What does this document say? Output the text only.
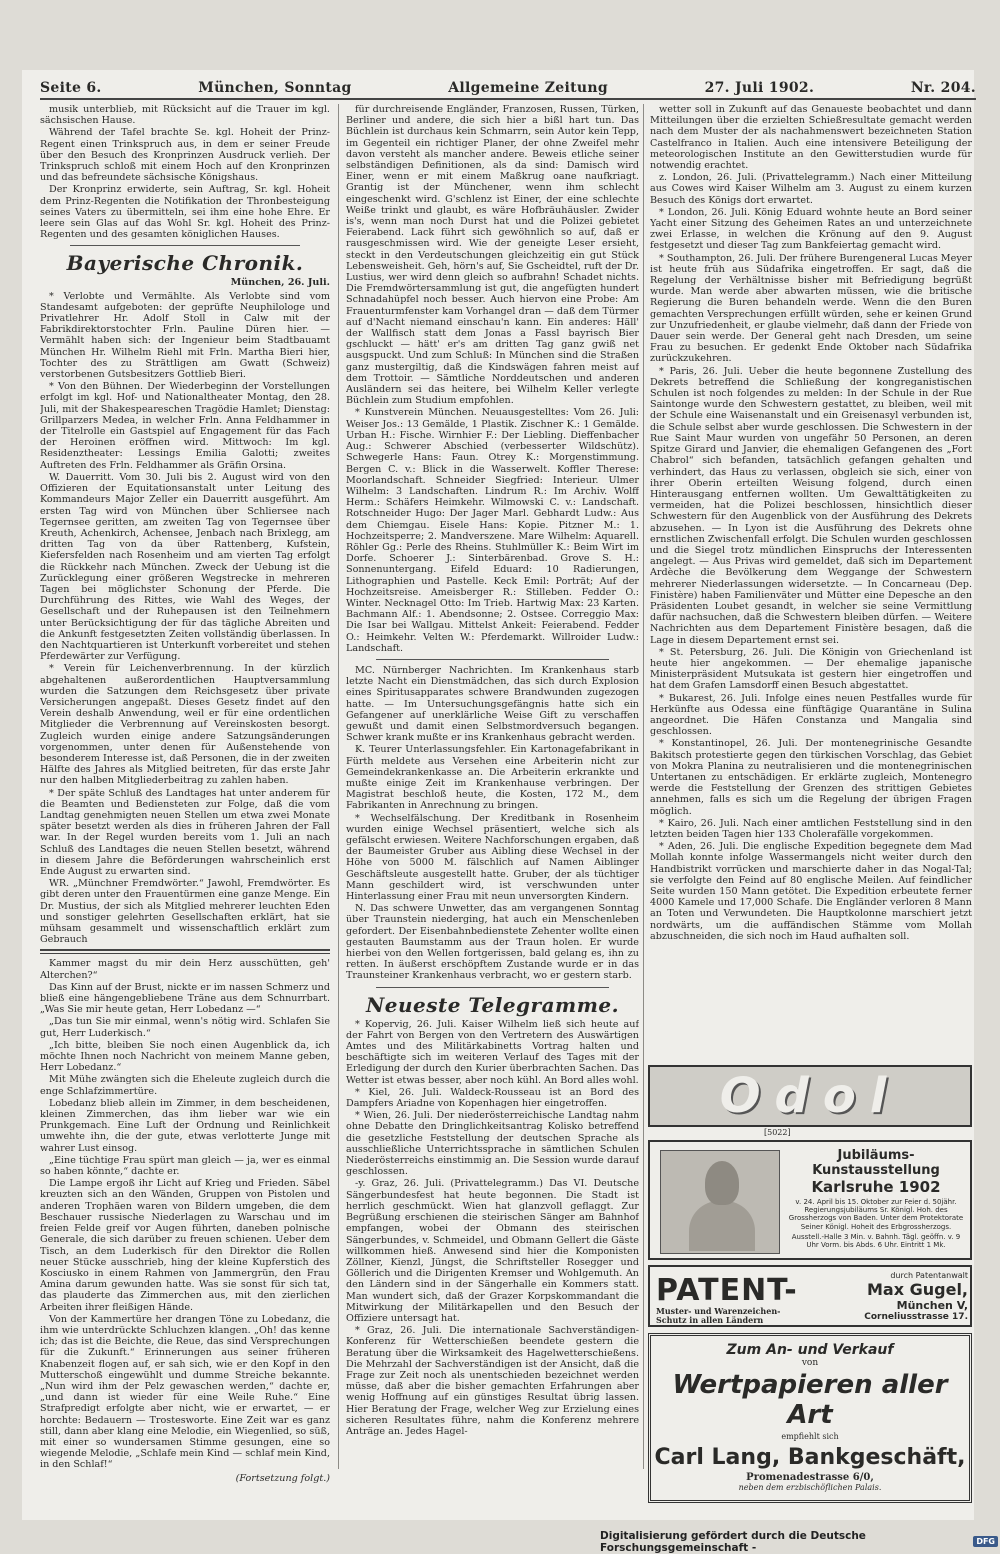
Seite 6.	München, Sonntag	Allgemeine Zeitung	27. Juli 1902.	Nr. 204.

musik unterblieb, mit Rücksicht auf die Trauer im kgl. sächsischen Hause.

Während der Tafel brachte Se. kgl. Hoheit der Prinz-Regent einen Trinkspruch aus, in dem er seiner Freude über den Besuch des Kronprinzen Ausdruck verlieh. Der Trinkspruch schloß mit einem Hoch auf den Kronprinzen und das befreundete sächsische Königshaus.

Der Kronprinz erwiderte, sein Auftrag, Sr. kgl. Hoheit dem Prinz-Regenten die Notifikation der Thronbesteigung seines Vaters zu übermitteln, sei ihm eine hohe Ehre. Er leere sein Glas auf das Wohl Sr. kgl. Hoheit des Prinz-Regenten und des gesamten königlichen Hauses.

Bayerische Chronik.
München, 26. Juli.

* Verlobte und Vermählte. Als Verlobte sind vom Standesamt aufgeboten: der geprüfte Neuphilologe und Privatlehrer Hr. Adolf Stoll in Calw mit der Fabrikdirektorstochter Frln. Pauline Düren hier. — Vermählt haben sich: der Ingenieur beim Stadtbauamt München Hr. Wilhelm Riehl mit Frln. Martha Bieri hier, Tochter des zu Strättligen am Gwatt (Schweiz) verstorbenen Gutsbesitzers Gottlieb Bieri.

* Von den Bühnen. Der Wiederbeginn der Vorstellungen erfolgt im kgl. Hof- und Nationaltheater Montag, den 28. Juli, mit der Shakespeareschen Tragödie Hamlet; Dienstag: Grillparzers Medea, in welcher Frln. Anna Feldhammer in der Titelrolle ein Gastspiel auf Engagement für das Fach der Heroinen eröffnen wird. Mittwoch: Im kgl. Residenztheater: Lessings Emilia Galotti; zweites Auftreten des Frln. Feldhammer als Gräfin Orsina.

W. Dauerritt. Vom 30. Juli bis 2. August wird von den Offizieren der Equitationsanstalt unter Leitung des Kommandeurs Major Zeller ein Dauerritt ausgeführt. Am ersten Tag wird von München über Schliersee nach Tegernsee geritten, am zweiten Tag von Tegernsee über Kreuth, Achenkirch, Achensee, Jenbach nach Brixlegg, am dritten Tag von da über Rattenberg, Kufstein, Kiefersfelden nach Rosenheim und am vierten Tag erfolgt die Rückkehr nach München. Zweck der Uebung ist die Zurücklegung einer größeren Wegstrecke in mehreren Tagen bei möglichster Schonung der Pferde. Die Durchführung des Rittes, wie Wahl des Weges, der Gesellschaft und der Ruhepausen ist den Teilnehmern unter Berücksichtigung der für das tägliche Abreiten und die Ankunft festgesetzten Zeiten vollständig überlassen. In den Nachtquartieren ist Unterkunft vorbereitet und stehen Pferdewärter zur Verfügung.

* Verein für Leichenverbrennung. In der kürzlich abgehaltenen außerordentlichen Hauptversammlung wurden die Satzungen dem Reichsgesetz über private Versicherungen angepaßt. Dieses Gesetz findet auf den Verein deshalb Anwendung, weil er für eine ordentlichen Mitglieder die Verbrennung auf Vereinskosten besorgt. Zugleich wurden einige andere Satzungsänderungen vorgenommen, unter denen für Außenstehende von besonderem Interesse ist, daß Personen, die in der zweiten Hälfte des Jahres als Mitglied beitreten, für das erste Jahr nur den halben Mitgliederbeitrag zu zahlen haben.

* Der späte Schluß des Landtages hat unter anderem für die Beamten und Bediensteten zur Folge, daß die vom Landtag genehmigten neuen Stellen um etwa zwei Monate später besetzt werden als dies in früheren Jahren der Fall war. In der Regel wurden bereits vom 1. Juli an nach Schluß des Landtages die neuen Stellen besetzt, während in diesem Jahre die Beförderungen wahrscheinlich erst Ende August zu erwarten sind.

WR. „Münchner Fremdwörter.“ Jawohl, Fremdwörter. Es gibt deren unter den Frauentürmen eine ganze Menge. Ein Dr. Mustius, der sich als Mitglied mehrerer leuchten Eden und sonstiger gelehrten Gesellschaften erklärt, hat sie mühsam gesammelt und wissenschaftlich erklärt zum Gebrauch

Kammer magst du mir dein Herz ausschütten, geh' Alterchen?“

Das Kinn auf der Brust, nickte er im nassen Schmerz und bließ eine hängengebliebene Träne aus dem Schnurrbart. „Was Sie mir heute getan, Herr Lobedanz —“

„Das tun Sie mir einmal, wenn's nötig wird. Schlafen Sie gut, Herr Luderkisch.“

„Ich bitte, bleiben Sie noch einen Augenblick da, ich möchte Ihnen noch Nachricht von meinem Manne geben, Herr Lobedanz.“

Mit Mühe zwängten sich die Eheleute zugleich durch die enge Schlafzimmertüre.

Lobedanz blieb allein im Zimmer, in dem bescheidenen, kleinen Zimmerchen, das ihm lieber war wie ein Prunkgemach. Eine Luft der Ordnung und Reinlichkeit umwehte ihn, die der gute, etwas verlotterte Junge mit wahrer Lust einsog.

„Eine tüchtige Frau spürt man gleich — ja, wer es einmal so haben könnte,“ dachte er.

Die Lampe ergoß ihr Licht auf Krieg und Frieden. Säbel kreuzten sich an den Wänden, Gruppen von Pistolen und anderen Trophäen waren von Bildern umgeben, die dem Beschauer russische Niederlagen zu Warschau und im freien Felde greif vor Augen führten, daneben polnische Generale, die sich darüber zu freuen schienen. Ueber dem Tisch, an dem Luderkisch für den Direktor die Rollen neuer Stücke ausschrieb, hing der kleine Kupferstich des Kosciusko in einem Rahmen von Jammergrün, den Frau Amina darum gewunden hatte. Was sie sonst für sich tat, das plauderte das Zimmerchen aus, mit den zierlichen Arbeiten ihrer fleißigen Hände.

Von der Kammertüre her drangen Töne zu Lobedanz, die ihm wie unterdrückte Schluchzen klangen. „Oh! das kenne ich; das ist die Beichte, die Reue, das sind Versprechungen für die Zukunft.“ Erinnerungen aus seiner früheren Knabenzeit flogen auf, er sah sich, wie er den Kopf in den Mutterschoß eingewühlt und dumme Streiche bekannte. „Nun wird ihm der Pelz gewaschen werden,“ dachte er, „und dann ist wieder für eine Weile Ruhe.“ Eine Strafpredigt erfolgte aber nicht, wie er erwartet, — er horchte: Bedauern — Trostesworte. Eine Zeit war es ganz still, dann aber klang eine Melodie, ein Wiegenlied, so süß, mit einer so wundersamen Stimme gesungen, eine so wiegende Melodie, „Schlafe mein Kind — schlaf mein Kind, in den Schlaf!“

(Fortsetzung folgt.)

für durchreisende Engländer, Franzosen, Russen, Türken, Berliner und andere, die sich hier a bißl hart tun. Das Büchlein ist durchaus kein Schmarrn, sein Autor kein Tepp, im Gegenteil ein richtiger Planer, der ohne Zweifel mehr davon versteht als mancher andere. Beweis etliche seiner selbständigen Definitionen, als da sind: Damisch wird Einer, wenn er mit einem Maßkrug oane naufkriagt. Grantig ist der Münchener, wenn ihm schlecht eingeschenkt wird. G'schlenz ist Einer, der eine schlechte Weiße trinkt und glaubt, es wäre Hofbräuhäusler. Zwider is's, wenn man noch Durst hat und die Polizei gebietet Feierabend. Lack führt sich gewöhnlich so auf, daß er rausgeschmissen wird. Wie der geneigte Leser ersieht, steckt in den Verdeutschungen gleichzeitig ein gut Stück Lebensweisheit. Geh, hörn's auf, Sie Gscheidtel, ruft der Dr. Lustius, wer wird denn gleich so aufbrahn! Schadet nichts. Die Fremdwörtersammlung ist gut, die angefügten hundert Schnadahüpfel noch besser. Auch hiervon eine Probe: Am Frauenturmfenster kam Vorhangel dran — daß dem Türmer auf d'Nacht niemand einschau'n kann. Ein anderes: Häll' der Wallfisch statt dem Jonas a Fassl bayrisch Bier gschluckt — hätt' er's am dritten Tag ganz gwiß net ausgspuckt. Und zum Schluß: In München sind die Straßen ganz mustergiltig, daß die Kindswägen fahren meist auf dem Trottoir. — Sämtliche Norddeutschen und anderen Ausländern sei das heitere, bei Wilhelm Keller verlegte Büchlein zum Studium empfohlen.

* Kunstverein München. Neuausgestelltes: Vom 26. Juli: Weiser Jos.: 13 Gemälde, 1 Plastik. Zischner K.: 1 Gemälde. Urban H.: Fische. Wirnhier F.: Der Liebling. Dieffenbacher Aug.: Schwerer Abschied (verbesserter Wildschütz). Schwegerle Hans: Faun. Otrey K.: Morgenstimmung. Bergen C. v.: Blick in die Wasserwelt. Koffler Therese: Moorlandschaft. Schneider Siegfried: Interieur. Ulmer Wilhelm: 3 Landschaften. Lindrum R.: Im Archiv. Wolff Herm.: Schäfers Heimkehr. Wilmowski C. v.: Landschaft. Rotschneider Hugo: Der Jager Marl. Gebhardt Ludw.: Aus dem Chiemgau. Eisele Hans: Kopie. Pitzner M.: 1. Hochzeitsperre; 2. Mandverszene. Mare Wilhelm: Aquarell. Röhler Gg.: Perle des Rheins. Stuhlmüller K.: Beim Wirt im Dorfe. Schoerer J.: Sinterbärenbad. Grove S. H.: Sonnenuntergang. Eifeld Eduard: 10 Radierungen, Lithographien und Pastelle. Keck Emil: Porträt; Auf der Hochzeitsreise. Ameisberger R.: Stilleben. Fedder O.: Winter. Necknagel Otto: Im Trieb. Hartwig Max: 23 Karten. Bachmann Alf.: 1. Abendsonne; 2. Ostsee. Correggio Max: Die Isar bei Wallgau. Mittelst Ankeit: Feierabend. Fedder O.: Heimkehr. Velten W.: Pferdemarkt. Willroider Ludw.: Landschaft.

MC. Nürnberger Nachrichten. Im Krankenhaus starb letzte Nacht ein Dienstmädchen, das sich durch Explosion eines Spiritusapparates schwere Brandwunden zugezogen hatte. — Im Untersuchungsgefängnis hatte sich ein Gefangener auf unerklärliche Weise Gift zu verschaffen gewußt und damit einen Selbstmordversuch begangen. Schwer krank mußte er ins Krankenhaus gebracht werden.

K. Teurer Unterlassungsfehler. Ein Kartonagefabrikant in Fürth meldete aus Versehen eine Arbeiterin nicht zur Gemeindekrankenkasse an. Die Arbeiterin erkrankte und mußte einige Zeit im Krankenhause verbringen. Der Magistrat beschloß heute, die Kosten, 172 M., dem Fabrikanten in Anrechnung zu bringen.

* Wechselfälschung. Der Kreditbank in Rosenheim wurden einige Wechsel präsentiert, welche sich als gefälscht erwiesen. Weitere Nachforschungen ergaben, daß der Baumeister Gruber aus Aibling diese Wechsel in der Höhe von 5000 M. fälschlich auf Namen Aiblinger Geschäftsleute ausgestellt hatte. Gruber, der als tüchtiger Mann geschildert wird, ist verschwunden unter Hinterlassung einer Frau mit neun unversorgten Kindern.

N. Das schwere Unwetter, das am vergangenen Sonntag über Traunstein niederging, hat auch ein Menschenleben gefordert. Der Eisenbahnbedienstete Zehenter wollte einen gestauten Baumstamm aus der Traun holen. Er wurde hierbei von den Wellen fortgerissen, bald gelang es, ihn zu retten. In äußerst erschöpftem Zustande wurde er in das Traunsteiner Krankenhaus verbracht, wo er gestern starb.

Neueste Telegramme.

* Kopervig, 26. Juli. Kaiser Wilhelm ließ sich heute auf der Fahrt von Bergen von den Vertretern des Auswärtigen Amtes und des Militärkabinetts Vortrag halten und beschäftigte sich im weiteren Verlauf des Tages mit der Erledigung der durch den Kurier überbrachten Sachen. Das Wetter ist etwas besser, aber noch kühl. An Bord alles wohl.

* Kiel, 26. Juli. Waldeck-Rousseau ist an Bord des Dampfers Ariadne von Kopenhagen hier eingetroffen.

* Wien, 26. Juli. Der niederösterreichische Landtag nahm ohne Debatte den Dringlichkeitsantrag Kolisko betreffend die gesetzliche Feststellung der deutschen Sprache als ausschließliche Unterrichtssprache in sämtlichen Schulen Niederösterreichs einstimmig an. Die Session wurde darauf geschlossen.

-y. Graz, 26. Juli. (Privattelegramm.) Das VI. Deutsche Sängerbundesfest hat heute begonnen. Die Stadt ist herrlich geschmückt. Wien hat glanzvoll geflaggt. Zur Begrüßung erschienen die steirischen Sänger am Bahnhof empfangen, wobei der Obmann des steirischen Sängerbundes, v. Schmeidel, und Obmann Gellert die Gäste willkommen hieß. Anwesend sind hier die Komponisten Zöllner, Kienzl, Jüngst, die Schriftsteller Rosegger und Göllerich und die Dirigenten Kremser und Wohlgemuth. An den Ländern sind in der Sängerhalle ein Kommers statt. Man wundert sich, daß der Grazer Korpskommandant die Mitwirkung der Militärkapellen und den Besuch der Offiziere untersagt hat.

* Graz, 26. Juli. Die internationale Sachverständigen-Konferenz für Wetterschießen beendete gestern die Beratung über die Wirksamkeit des Hagelwetterschießens. Die Mehrzahl der Sachverständigen ist der Ansicht, daß die Frage zur Zeit noch als unentschieden bezeichnet werden müsse, daß aber die bisher gemachten Erfahrungen aber wenig Hoffnung auf ein günstiges Resultat übrig lassen. Hier Beratung der Frage, welcher Weg zur Erzielung eines sicheren Resultates führe, nahm die Konferenz mehrere Anträge an. Jedes Hagel-

wetter soll in Zukunft auf das Genaueste beobachtet und dann Mitteilungen über die erzielten Schießresultate gemacht werden nach dem Muster der als nachahmenswert bezeichneten Station Castelfranco in Italien. Auch eine intensivere Beteiligung der meteorologischen Institute an den Gewitterstudien wurde für notwendig erachtet.

z. London, 26. Juli. (Privattelegramm.) Nach einer Mitteilung aus Cowes wird Kaiser Wilhelm am 3. August zu einem kurzen Besuch des Königs dort erwartet.

* London, 26. Juli. König Eduard wohnte heute an Bord seiner Yacht einer Sitzung des Geheimen Rates an und unterzeichnete zwei Erlasse, in welchen die Krönung auf den 9. August festgesetzt und dieser Tag zum Bankfeiertag gemacht wird.

* Southampton, 26. Juli. Der frühere Burengeneral Lucas Meyer ist heute früh aus Südafrika eingetroffen. Er sagt, daß die Regelung der Verhältnisse bisher mit Befriedigung begrüßt wurde. Man werde aber abwarten müssen, wie die britische Regierung die Buren behandeln werde. Wenn die den Buren gemachten Versprechungen erfüllt würden, sehe er keinen Grund zur Unzufriedenheit, er glaube vielmehr, daß dann der Friede von Dauer sein werde. Der General geht nach Dresden, um seine Frau zu besuchen. Er gedenkt Ende Oktober nach Südafrika zurückzukehren.

* Paris, 26. Juli. Ueber die heute begonnene Zustellung des Dekrets betreffend die Schließung der kongreganistischen Schulen ist noch folgendes zu melden: In der Schule in der Rue Saintonge wurde den Schwestern gestattet, zu bleiben, weil mit der Schule eine Waisenanstalt und ein Greisenasyl verbunden ist, die Schule selbst aber wurde geschlossen. Die Schwestern in der Rue Saint Maur wurden von ungefähr 50 Personen, an deren Spitze Girard und Janvier, die ehemaligen Gefangenen des „Fort Chabrol“ sich befanden, tatsächlich gefangen gehalten und verhindert, das Haus zu verlassen, obgleich sie sich, einer von ihrer Oberin erteilten Weisung folgend, durch einen Hinterausgang entfernen wollten. Um Gewalttätigkeiten zu vermeiden, hat die Polizei beschlossen, hinsichtlich dieser Schwestern für den Augenblick von der Ausführung des Dekrets abzusehen. — In Lyon ist die Ausführung des Dekrets ohne ernstlichen Zwischenfall erfolgt. Die Schulen wurden geschlossen und die Siegel trotz mündlichen Einspruchs der Interessenten angelegt. — Aus Privas wird gemeldet, daß sich im Departement Ardèche die Bevölkerung dem Weggange der Schwestern mehrerer Niederlassungen widersetzte. — In Concarneau (Dep. Finistère) haben Familienväter und Mütter eine Depesche an den Präsidenten Loubet gesandt, in welcher sie seine Vermittlung dafür nachsuchen, daß die Schwestern bleiben dürfen. — Weitere Nachrichten aus dem Departement Finistère besagen, daß die Lage in diesem Departement ernst sei.

* St. Petersburg, 26. Juli. Die Königin von Griechenland ist heute hier angekommen. — Der ehemalige japanische Ministerpräsident Mutsukata ist gestern hier eingetroffen und hat dem Grafen Lamsdorff einen Besuch abgestattet.

* Bukarest, 26. Juli. Infolge eines neuen Pestfalles wurde für Herkünfte aus Odessa eine fünftägige Quarantäne in Sulina angeordnet. Die Häfen Constanza und Mangalia sind geschlossen.

* Konstantinopel, 26. Juli. Der montenegrinische Gesandte Bakitsch protestierte gegen den türkischen Vorschlag, das Gebiet von Mokra Planina zu neutralisieren und die montenegrinischen Untertanen zu entschädigen. Er erklärte zugleich, Montenegro werde die Feststellung der Grenzen des strittigen Gebietes annehmen, falls es sich um die Regelung der übrigen Fragen möglich.

* Kairo, 26. Juli. Nach einer amtlichen Feststellung sind in den letzten beiden Tagen hier 133 Cholerafälle vorgekommen.

* Aden, 26. Juli. Die englische Expedition begegnete dem Mad Mollah konnte infolge Wassermangels nicht weiter durch den Handbistrikt vorrücken und marschierte daher in das Nogal-Tal; sie verfolgte den Feind auf 80 englische Meilen. Auf feindlicher Seite wurden 150 Mann getötet. Die Expedition erbeutete ferner 4000 Kamele und 17,000 Schafe. Die Engländer verloren 8 Mann an Toten und Verwundeten. Die Hauptkolonne marschiert jetzt nordwärts, um die auffändischen Stämme vom Mollah abzuschneiden, die sich noch im Haud aufhalten soll.

Odol
[5022]
Jubiläums-
Kunstausstellung
Karlsruhe 1902
v. 24. April bis 15. Oktober zur Feier d. 50jähr. Regierungsjubiläums Sr. Königl. Hoh. des Grossherzogs von Baden. Unter dem Protektorate Seiner Königl. Hoheit des Erbgrossherzogs.
Ausstell.-Halle 3 Min. v. Bahnh. Tägl. geöffn. v. 9 Uhr Vorm. bis Abds. 6 Uhr. Eintritt 1 Mk.
PATENT-
Muster- und Warenzeichen-Schutz in allen Ländern
durch Patentanwalt
Max Gugel,
München V,
Corneliusstrasse 17.
Zum An- und Verkauf
von
Wertpapieren aller Art
empfiehlt sich
Carl Lang, Bankgeschäft,
Promenadestrasse 6/0,
neben dem erzbischöflichen Palais.
Digitalisierung gefördert durch die Deutsche Forschungsgemeinschaft -	DFG
